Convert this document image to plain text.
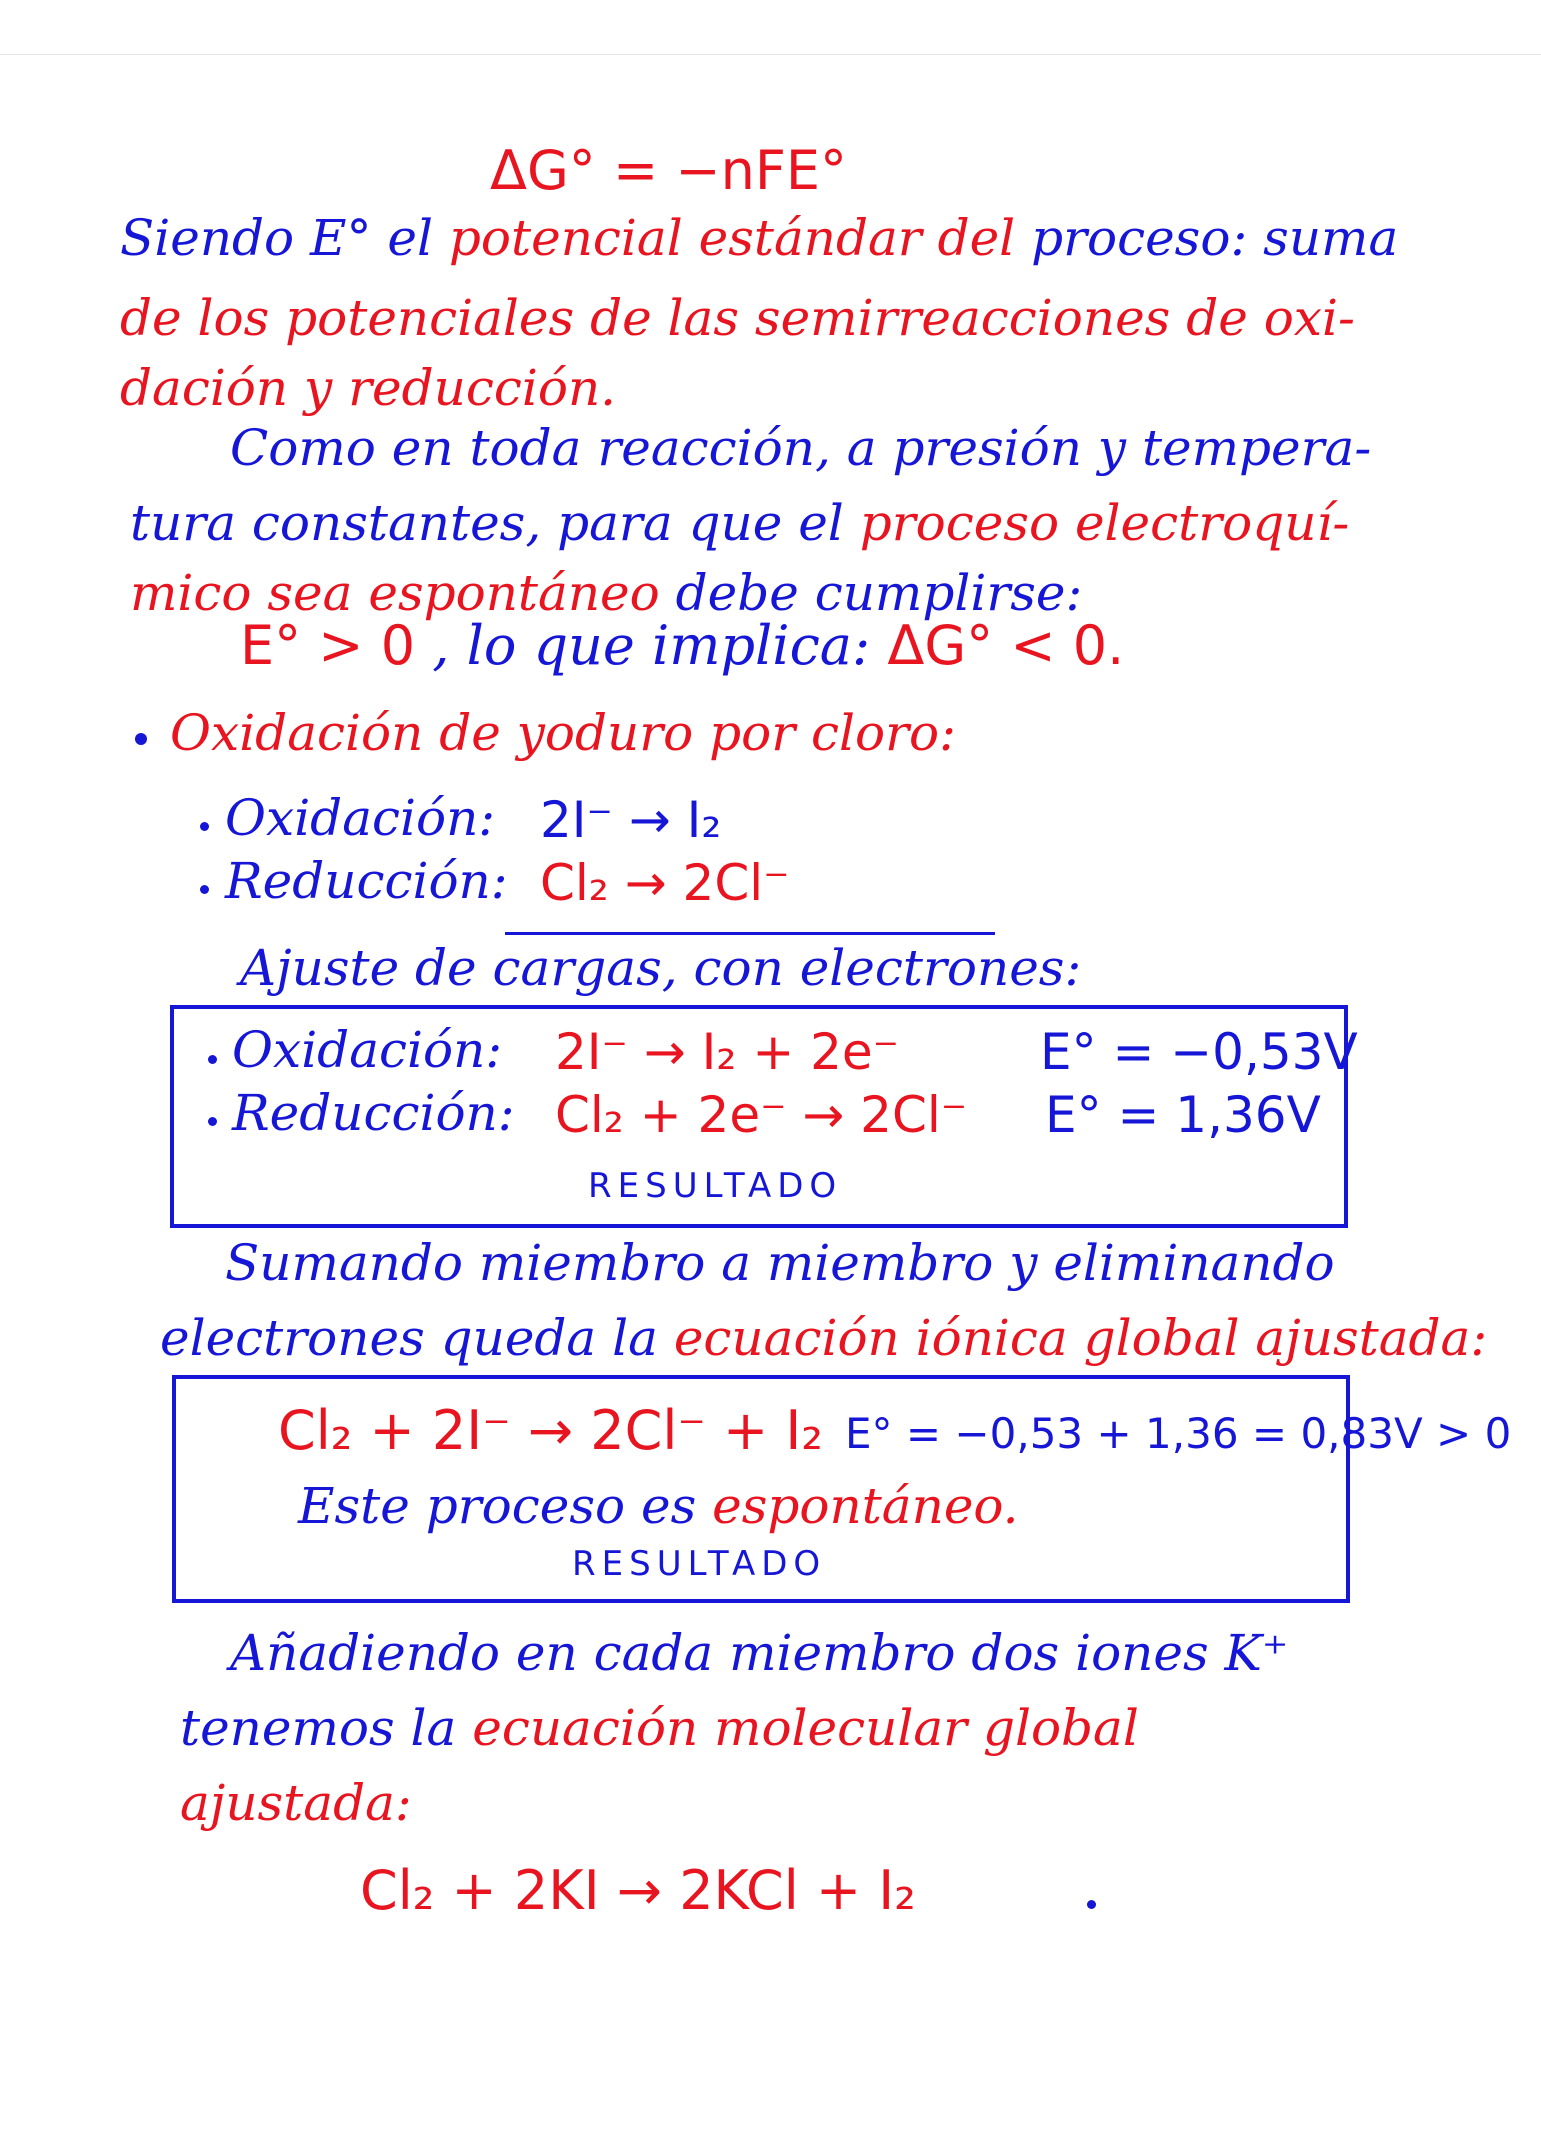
ΔG° = −nFE°
Siendo E° el potencial estándar del proceso: suma
de los potenciales de las semirreacciones de oxi-
dación y reducción.
Como en toda reacción, a presión y tempera-
tura constantes, para que el proceso electroquí-
mico sea espontáneo debe cumplirse:
E° > 0 , lo que implica: ΔG° < 0.
Oxidación de yoduro por cloro:
Oxidación: 2I⁻ → I₂
Reducción: Cl₂ → 2Cl⁻
Ajuste de cargas, con electrones:
Oxidación: 2I⁻ → I₂ + 2e⁻	E° = −0,53V
Reducción: Cl₂ + 2e⁻ → 2Cl⁻ E° = 1,36V
RESULTADO
Sumando miembro a miembro y eliminando
electrones queda la ecuación iónica global ajustada:
Cl₂ + 2I⁻ → 2Cl⁻ + I₂ E° = −0,53 + 1,36 = 0,83V > 0
Este proceso es espontáneo.
RESULTADO
Añadiendo en cada miembro dos iones K⁺
tenemos la ecuación molecular global
ajustada:
Cl₂ + 2KI → 2KCl + I₂
